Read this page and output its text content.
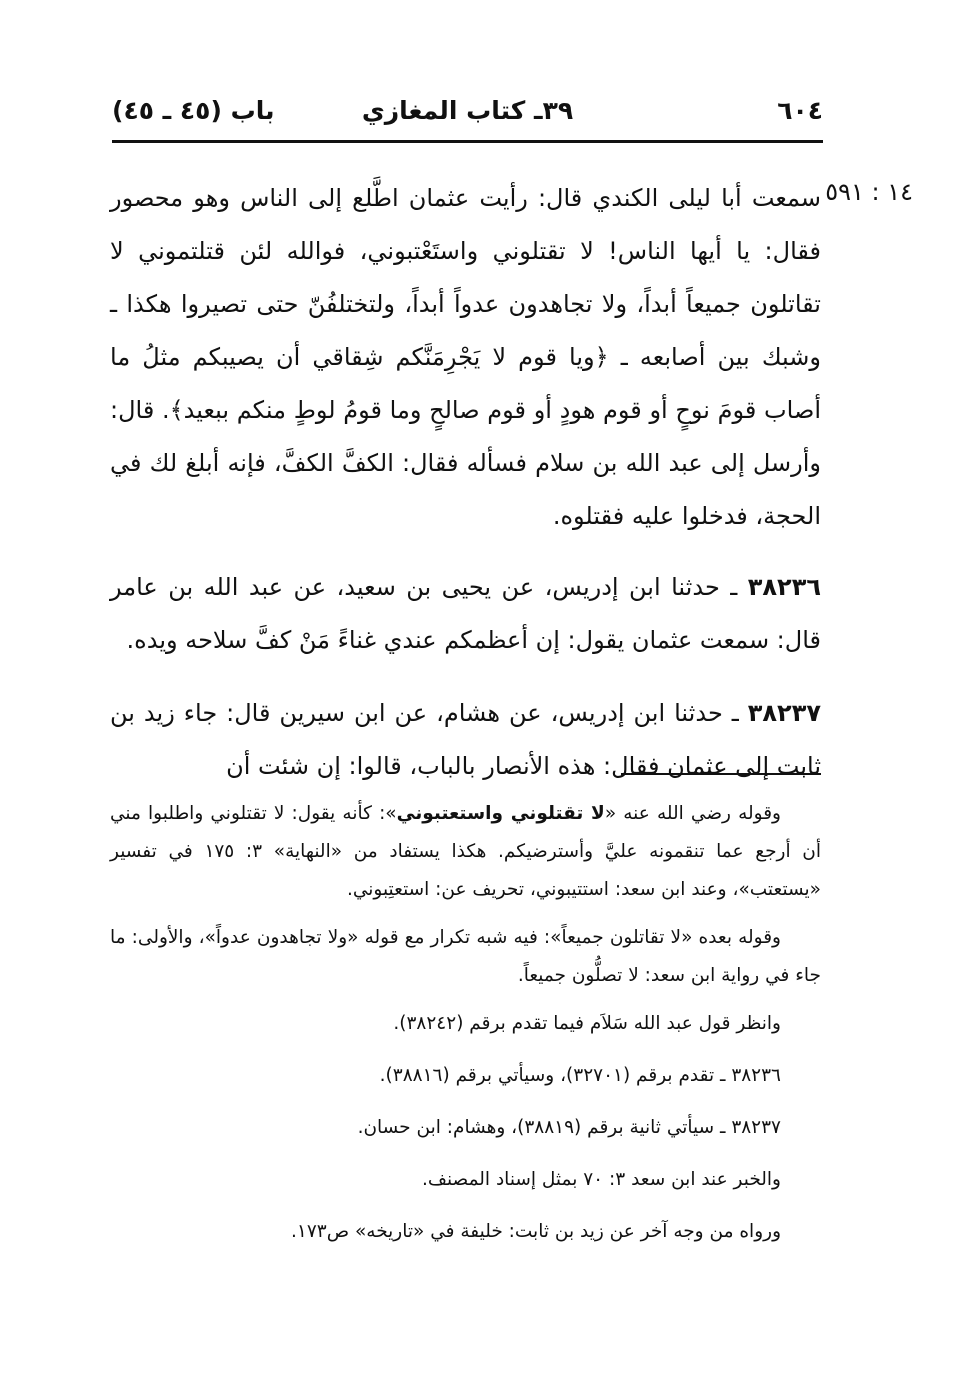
٦٠٤
٣٩ـ كتاب المغازي
باب (٤٥ ـ ٤٥)
١٤ : ٥٩١

سمعت أبا ليلى الكندي قال: رأيت عثمان اطَّلع إلى الناس وهو محصور فقال: يا أيها الناس! لا تقتلوني واستَعْتبوني، فوالله لئن قتلتموني لا تقاتلون جميعاً أبداً، ولا تجاهدون عدواً أبداً، ولتختلفُنّ حتى تصيروا هكذا ـ وشبك بين أصابعه ـ ﴿ويا قوم لا يَجْرِمَنَّكم شِقاقي أن يصيبكم مثلُ ما أصاب قومَ نوحٍ أو قوم هودٍ أو قوم صالحٍ وما قومُ لوطٍ منكم ببعيد﴾. قال: وأرسل إلى عبد الله بن سلام فسأله فقال: الكفَّ الكفَّ، فإنه أبلغ لك في الحجة، فدخلوا عليه فقتلوه.

٣٨٢٣٦ ـ حدثنا ابن إدريس، عن يحيى بن سعيد، عن عبد الله بن عامر قال: سمعت عثمان يقول: إن أعظمكم عندي غناءً مَنْ كفَّ سلاحه ويده.

٣٨٢٣٧ ـ حدثنا ابن إدريس، عن هشام، عن ابن سيرين قال: جاء زيد بن ثابت إلى عثمان فقال: هذه الأنصار بالباب، قالوا: إن شئت أن

وقوله رضي الله عنه «لا تقتلوني واستعتبوني»: كأنه يقول: لا تقتلوني واطلبوا مني أن أرجع عما تنقمونه عليَّ وأسترضيكم. هكذا يستفاد من «النهاية» ٣: ١٧٥ في تفسير «يستعتب»، وعند ابن سعد: استتيبوني، تحريف عن: استعتِبوني.

وقوله بعده «لا تقاتلون جميعاً»: فيه شبه تكرار مع قوله «ولا تجاهدون عدواً»، والأولى: ما جاء في رواية ابن سعد: لا تصلُّون جميعاً.

وانظر قول عبد الله سَلاَم فيما تقدم برقم (٣٨٢٤٢).

٣٨٢٣٦ ـ تقدم برقم (٣٢٧٠١)، وسيأتي برقم (٣٨٨١٦).

٣٨٢٣٧ ـ سيأتي ثانية برقم (٣٨٨١٩)، وهشام: ابن حسان.

والخبر عند ابن سعد ٣: ٧٠ بمثل إسناد المصنف.

ورواه من وجه آخر عن زيد بن ثابت: خليفة في «تاريخه» ص١٧٣.
